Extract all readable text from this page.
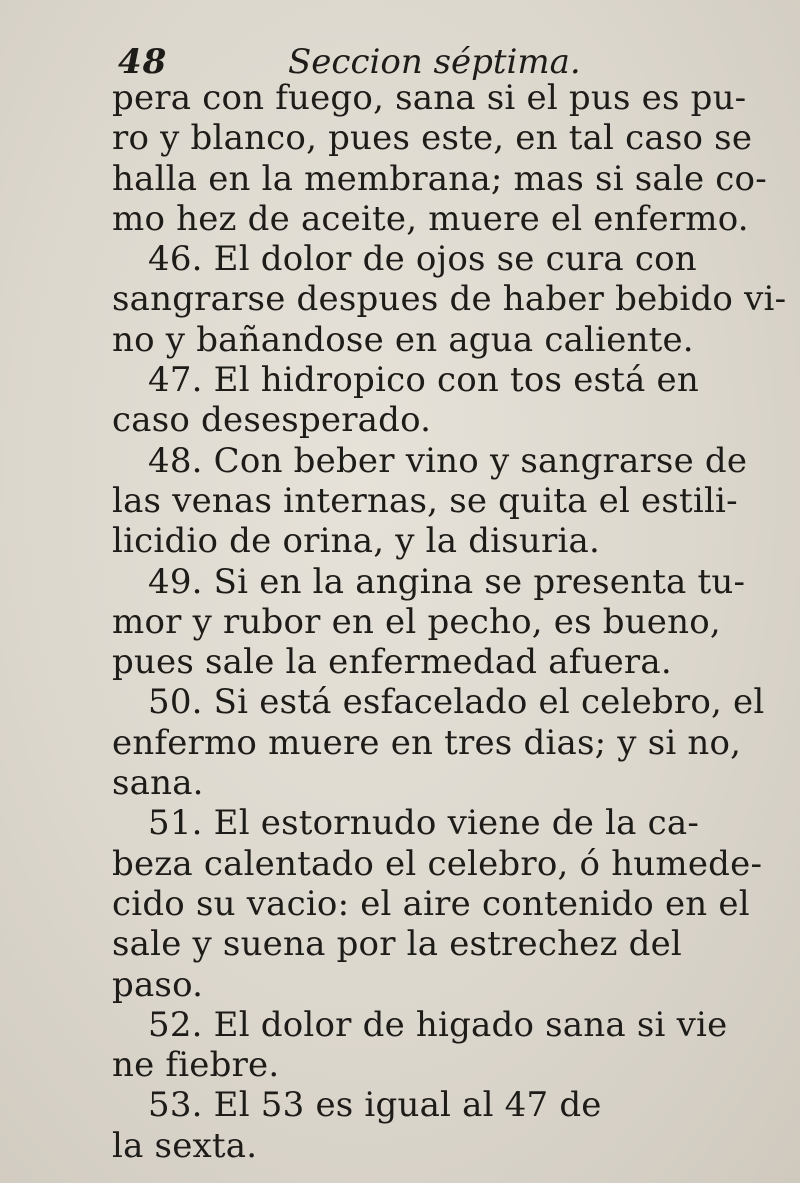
48	Seccion séptima.
pera con fuego, sana si el pus es pu-
ro y blanco, pues este, en tal caso se
halla en la membrana; mas si sale co-
mo hez de aceite, muere el enfermo.
46. El dolor de ojos se cura con
sangrarse despues de haber bebido vi-
no y bañandose en agua caliente.
47. El hidropico con tos está en
caso desesperado.
48. Con beber vino y sangrarse de
las venas internas, se quita el estili-
licidio de orina, y la disuria.
49. Si en la angina se presenta tu-
mor y rubor en el pecho, es bueno,
pues sale la enfermedad afuera.
50. Si está esfacelado el celebro, el
enfermo muere en tres dias; y si no,
sana.
51. El estornudo viene de la ca-
beza calentado el celebro, ó humede-
cido su vacio: el aire contenido en el
sale y suena por la estrechez del
paso.
52. El dolor de higado sana si vie
ne fiebre.
53. El 53 es igual al 47 de
la sexta.
